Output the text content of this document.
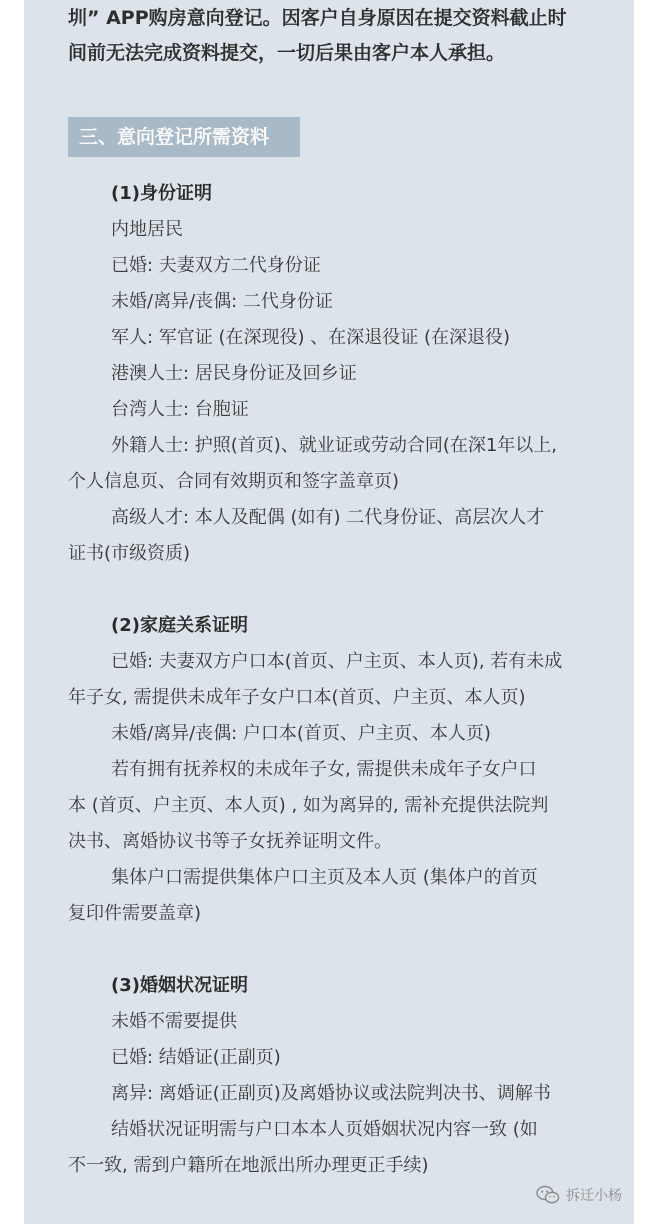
圳” APP购房意向登记。因客户自身原因在提交资料截止时
间前无法完成资料提交，一切后果由客户本人承担。
三、意向登记所需资料
(1)身份证明
内地居民
已婚: 夫妻双方二代身份证
未婚/离异/丧偶: 二代身份证
军人: 军官证 (在深现役) 、在深退役证 (在深退役)
港澳人士: 居民身份证及回乡证
台湾人士: 台胞证
外籍人士: 护照(首页)、就业证或劳动合同(在深1年以上,
个人信息页、合同有效期页和签字盖章页)
高级人才: 本人及配偶 (如有) 二代身份证、高层次人才
证书(市级资质)
(2)家庭关系证明
已婚: 夫妻双方户口本(首页、户主页、本人页), 若有未成
年子女, 需提供未成年子女户口本(首页、户主页、本人页)
未婚/离异/丧偶: 户口本(首页、户主页、本人页)
若有拥有抚养权的未成年子女, 需提供未成年子女户口
本 (首页、户主页、本人页) , 如为离异的, 需补充提供法院判
决书、离婚协议书等子女抚养证明文件。
集体户口需提供集体户口主页及本人页 (集体户的首页
复印件需要盖章)
(3)婚姻状况证明
未婚不需要提供
已婚: 结婚证(正副页)
离异: 离婚证(正副页)及离婚协议或法院判决书、调解书
结婚状况证明需与户口本本人页婚姻状况内容一致 (如
不一致, 需到户籍所在地派出所办理更正手续)
拆迁小杨
